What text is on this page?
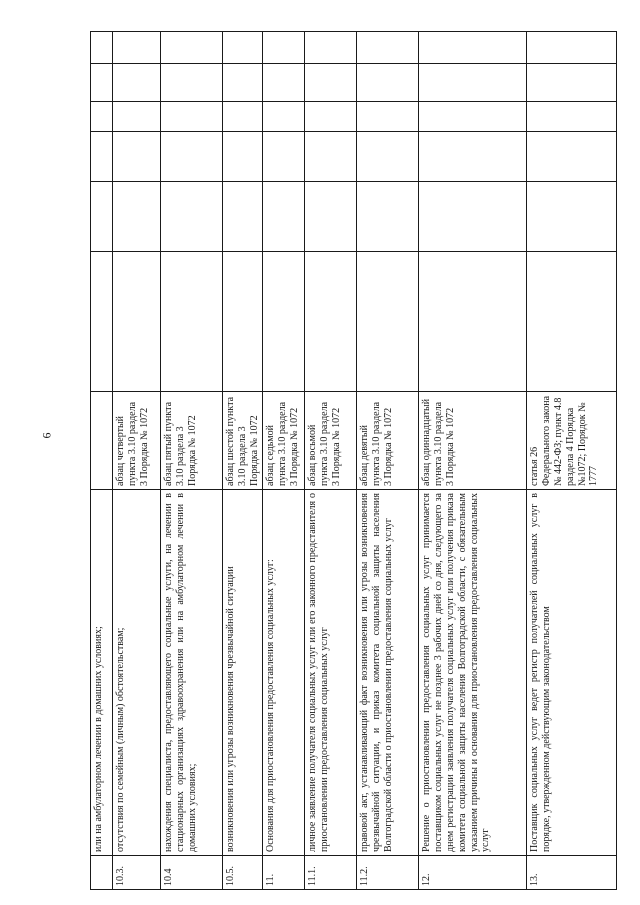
6
	или на амбулаторном лечении в домашних условиях;							
10.3.	отсутствия по семейным (личным) обстоятельствам;	абзац четвертый пункта 3.10 раздела 3 Порядка № 1072						
10.4	нахождения специалиста, предоставляющего социальные услуги, на лечении в стационарных организациях здравоохранения или на амбулаторном лечении в домашних условиях;	абзац пятый пункта 3.10 раздела 3 Порядка № 1072						
10.5.	возникновения или угрозы возникновения чрезвычайной ситуации	абзац шестой пункта 3.10 раздела 3 Порядка № 1072						
11.	Основания для приостановления предоставления социальных услуг:	абзац седьмой пункта 3.10 раздела 3 Порядка № 1072						
11.1.	личное заявление получателя социальных услуг или его законного представителя о приостановлении предоставления социальных услуг	абзац восьмой пункта 3.10 раздела 3 Порядка № 1072						
11.2.	правовой акт, устанавливающий факт возникновения или угрозы возникновения чрезвычайной ситуации, и приказ комитета социальной защиты населения Волгоградской области о приостановлении предоставления социальных услуг	абзац девятый пункта 3.10 раздела 3 Порядка № 1072						
12.	Решение о приостановлении предоставления социальных услуг принимается поставщиком социальных услуг не позднее 3 рабочих дней со дня, следующего за днем регистрации заявления получателя социальных услуг или получения приказа комитета социальной защиты населения Волгоградской области, с обязательным указанием причины и основания для приостановления предоставления социальных услуг	абзац одиннадцатый пункта 3.10 раздела 3 Порядка № 1072						
13.	Поставщик социальных услуг ведет регистр получателей социальных услуг в порядке, утвержденном действующим законодательством	статья 26 Федерального закона № 442-ФЗ; пункт 4.8 раздела 4 Порядка №1072; Порядок № 1777						
